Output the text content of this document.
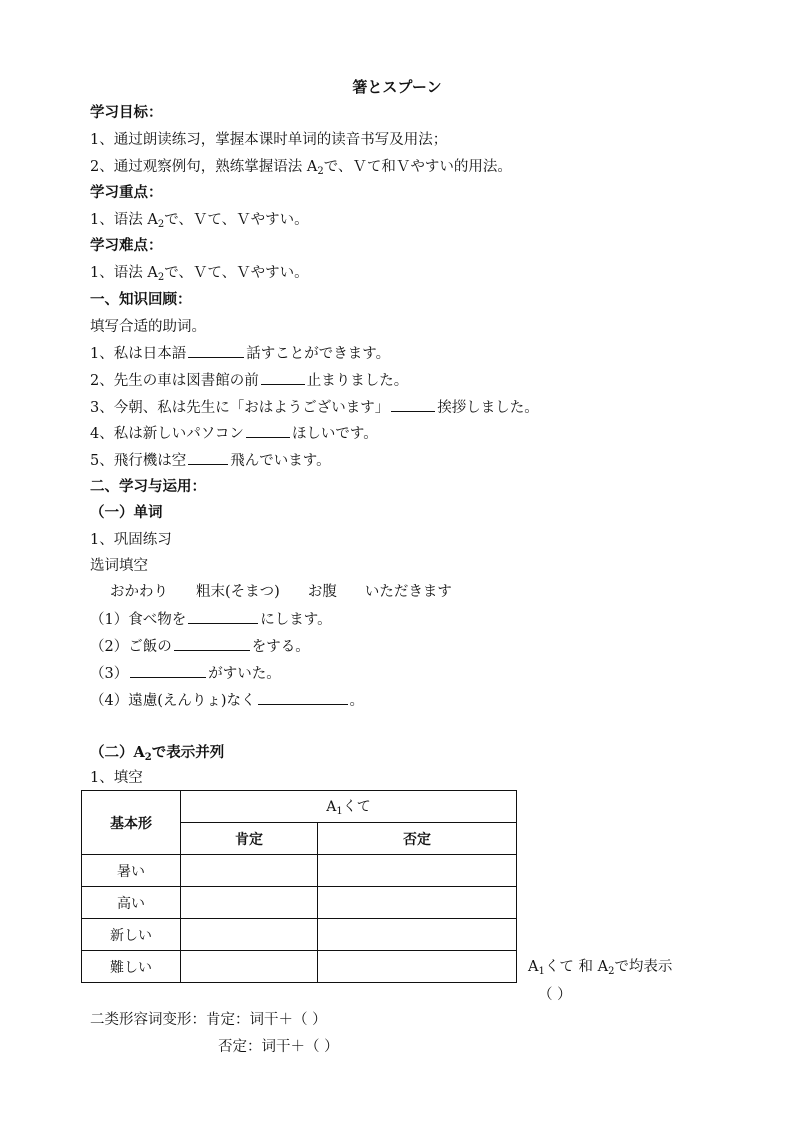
箸とスプーン
学习目标：
1、通过朗读练习，掌握本课时单词的读音书写及用法；
2、通过观察例句，熟练掌握语法 $A_2$で、Ｖて和Ｖやすい的用法。
学习重点：
1、语法 $A_2$で、Ｖて、Ｖやすい。
学习难点：
1、语法 $A_2$で、Ｖて、Ｖやすい。
一、知识回顾：
填写合适的助词。
1、私は日本語	話すことができます。
2、先生の車は図書館の前	止まりました。
3、今朝、私は先生に「おはようございます」	挨拶しました。
4、私は新しいパソコン	ほしいです。
5、飛行機は空	飛んでいます。
二、学习与运用：
（一）单词
1、巩固练习
选词填空
おかわり 粗末(そまつ) お腹 いただきます
（1）食べ物を	にします。
（2）ご飯の	をする。
（3）	がすいた。
（4）遠慮(えんりょ)なく	。
（二）$A_2$で表示并列
1、填空
基本形	$A_1$くて	
	肯定	否定
暑い		
高い		
新しい		
難しい			$A_1$くて 和 $A_2$で均表示
（ ）
二类形容词变形：肯定：词干＋（ ）
否定：词干＋（ ）
